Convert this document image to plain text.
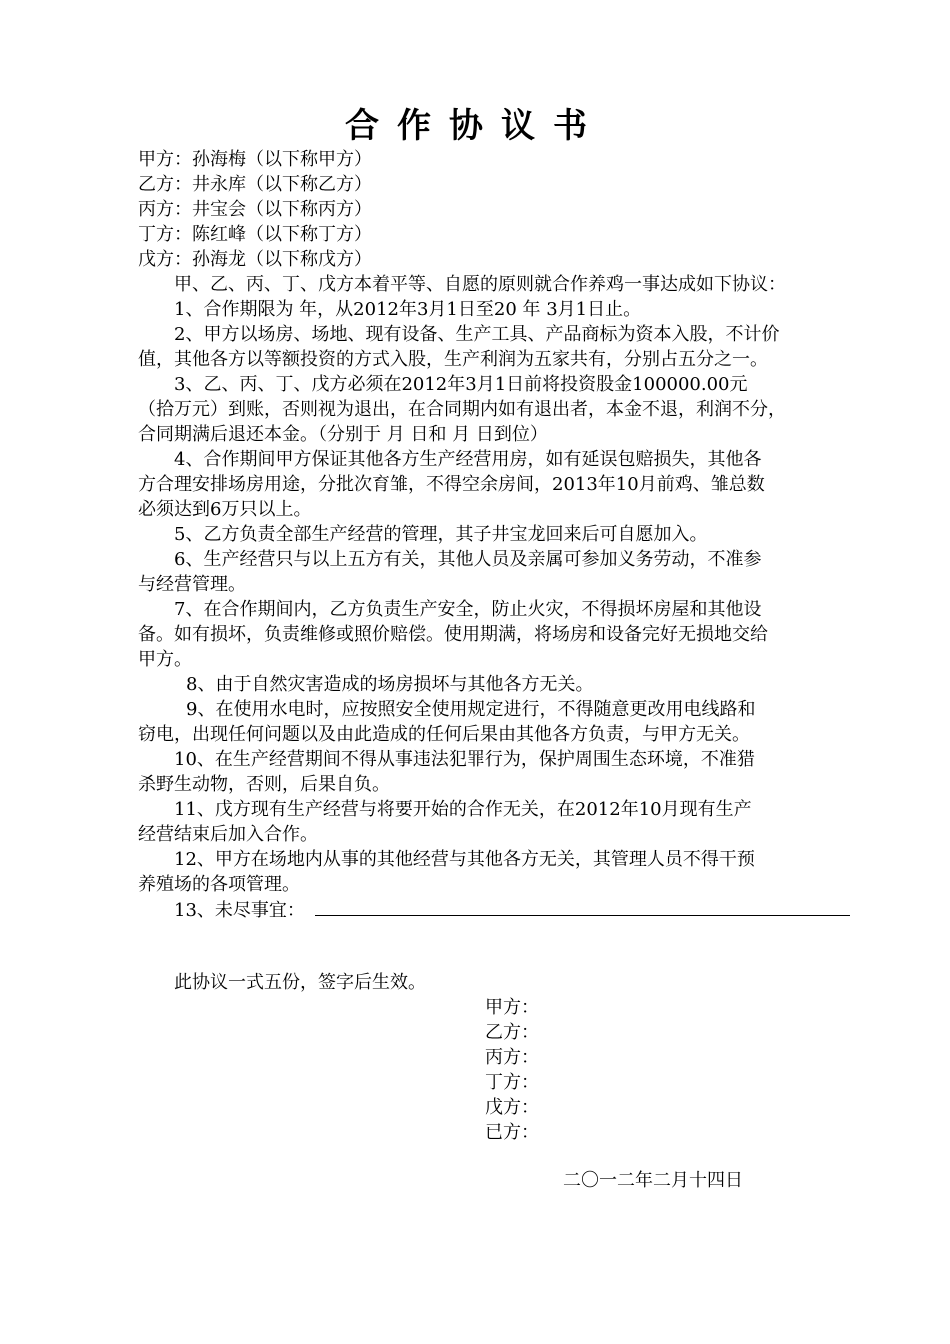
合作协议书
甲方：孙海梅（以下称甲方）
乙方：井永库（以下称乙方）
丙方：井宝会（以下称丙方）
丁方：陈红峰（以下称丁方）
戊方：孙海龙（以下称戊方）
甲、乙、丙、丁、戊方本着平等、自愿的原则就合作养鸡一事达成如下协议：
1、合作期限为 年，从2012年3月1日至20 年 3月1日止。
2、甲方以场房、场地、现有设备、生产工具、产品商标为资本入股，不计价
值，其他各方以等额投资的方式入股，生产利润为五家共有，分别占五分之一。
3、乙、丙、丁、戊方必须在2012年3月1日前将投资股金100000.00元
（拾万元）到账，否则视为退出，在合同期内如有退出者，本金不退，利润不分，
合同期满后退还本金。（分别于 月 日和 月 日到位）
4、合作期间甲方保证其他各方生产经营用房，如有延误包赔损失，其他各
方合理安排场房用途，分批次育雏，不得空余房间，2013年10月前鸡、雏总数
必须达到6万只以上。
5、乙方负责全部生产经营的管理，其子井宝龙回来后可自愿加入。
6、生产经营只与以上五方有关，其他人员及亲属可参加义务劳动，不准参
与经营管理。
7、在合作期间内，乙方负责生产安全，防止火灾，不得损坏房屋和其他设
备。如有损坏，负责维修或照价赔偿。使用期满，将场房和设备完好无损地交给
甲方。
8、由于自然灾害造成的场房损坏与其他各方无关。
9、在使用水电时，应按照安全使用规定进行，不得随意更改用电线路和
窃电，出现任何问题以及由此造成的任何后果由其他各方负责，与甲方无关。
10、在生产经营期间不得从事违法犯罪行为，保护周围生态环境，不准猎
杀野生动物，否则，后果自负。
11、戊方现有生产经营与将要开始的合作无关，在2012年10月现有生产
经营结束后加入合作。
12、甲方在场地内从事的其他经营与其他各方无关，其管理人员不得干预
养殖场的各项管理。
13、未尽事宜：
此协议一式五份，签字后生效。
甲方：
乙方：
丙方：
丁方：
戊方：
已方：
二〇一二年二月十四日
